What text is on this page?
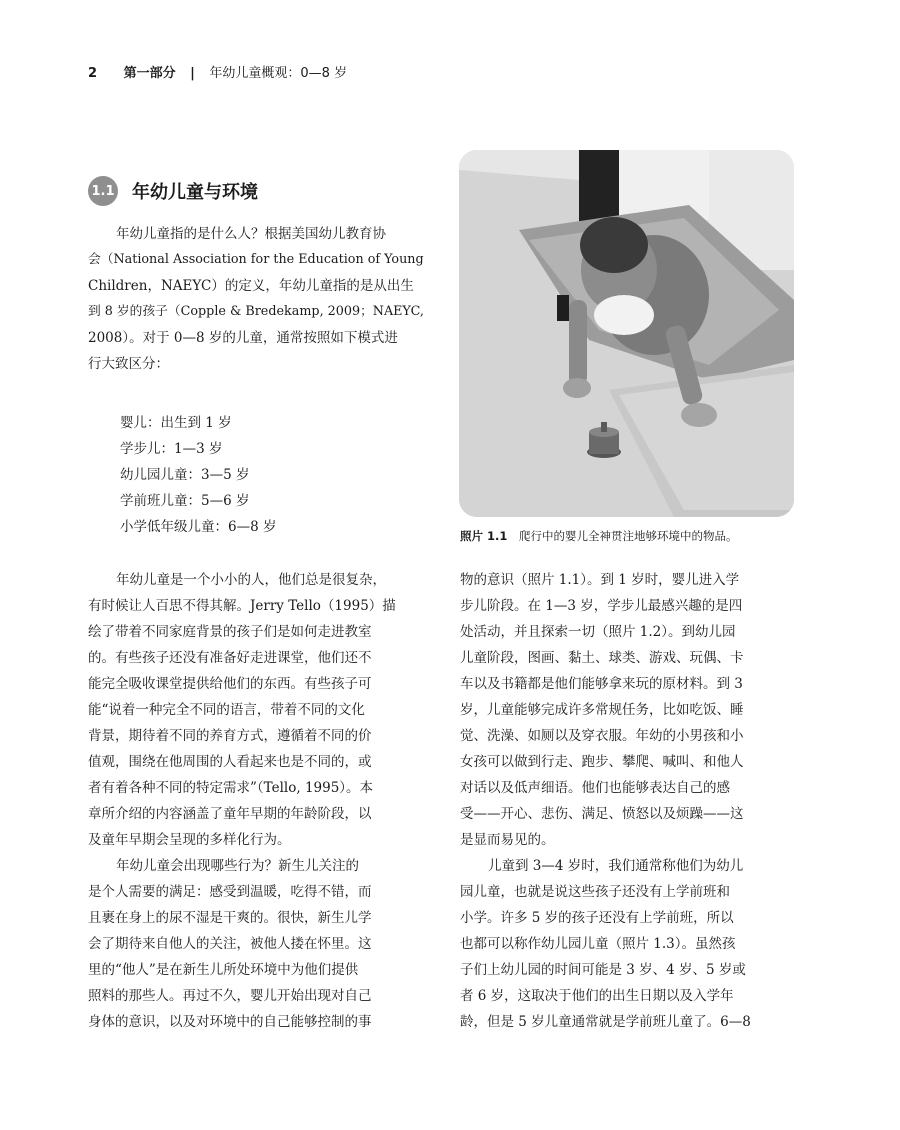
2 第一部分 | 年幼儿童概观：0—8 岁
1.1 年幼儿童与环境
年幼儿童指的是什么人？根据美国幼儿教育协
会（National Association for the Education of Young
Children，NAEYC）的定义，年幼儿童指的是从出生
到 8 岁的孩子（Copple & Bredekamp, 2009；NAEYC,
2008）。对于 0—8 岁的儿童，通常按照如下模式进
行大致区分：
婴儿：出生到 1 岁
学步儿：1—3 岁
幼儿园儿童：3—5 岁
学前班儿童：5—6 岁
小学低年级儿童：6—8 岁
年幼儿童是一个小小的人，他们总是很复杂，
有时候让人百思不得其解。Jerry Tello（1995）描
绘了带着不同家庭背景的孩子们是如何走进教室
的。有些孩子还没有准备好走进课堂，他们还不
能完全吸收课堂提供给他们的东西。有些孩子可
能“说着一种完全不同的语言，带着不同的文化
背景，期待着不同的养育方式，遵循着不同的价
值观，围绕在他周围的人看起来也是不同的，或
者有着各种不同的特定需求”（Tello, 1995）。本
章所介绍的内容涵盖了童年早期的年龄阶段，以
及童年早期会呈现的多样化行为。
年幼儿童会出现哪些行为？新生儿关注的
是个人需要的满足：感受到温暖，吃得不错，而
且裹在身上的尿不湿是干爽的。很快，新生儿学
会了期待来自他人的关注，被他人搂在怀里。这
里的“他人”是在新生儿所处环境中为他们提供
照料的那些人。再过不久，婴儿开始出现对自己
身体的意识，以及对环境中的自己能够控制的事
照片 1.1 爬行中的婴儿全神贯注地够环境中的物品。
物的意识（照片 1.1）。到 1 岁时，婴儿进入学
步儿阶段。在 1—3 岁，学步儿最感兴趣的是四
处活动，并且探索一切（照片 1.2）。到幼儿园
儿童阶段，图画、黏土、球类、游戏、玩偶、卡
车以及书籍都是他们能够拿来玩的原材料。到 3
岁，儿童能够完成许多常规任务，比如吃饭、睡
觉、洗澡、如厕以及穿衣服。年幼的小男孩和小
女孩可以做到行走、跑步、攀爬、喊叫、和他人
对话以及低声细语。他们也能够表达自己的感
受——开心、悲伤、满足、愤怒以及烦躁——这
是显而易见的。
儿童到 3—4 岁时，我们通常称他们为幼儿
园儿童，也就是说这些孩子还没有上学前班和
小学。许多 5 岁的孩子还没有上学前班，所以
也都可以称作幼儿园儿童（照片 1.3）。虽然孩
子们上幼儿园的时间可能是 3 岁、4 岁、5 岁或
者 6 岁，这取决于他们的出生日期以及入学年
龄，但是 5 岁儿童通常就是学前班儿童了。6—8
